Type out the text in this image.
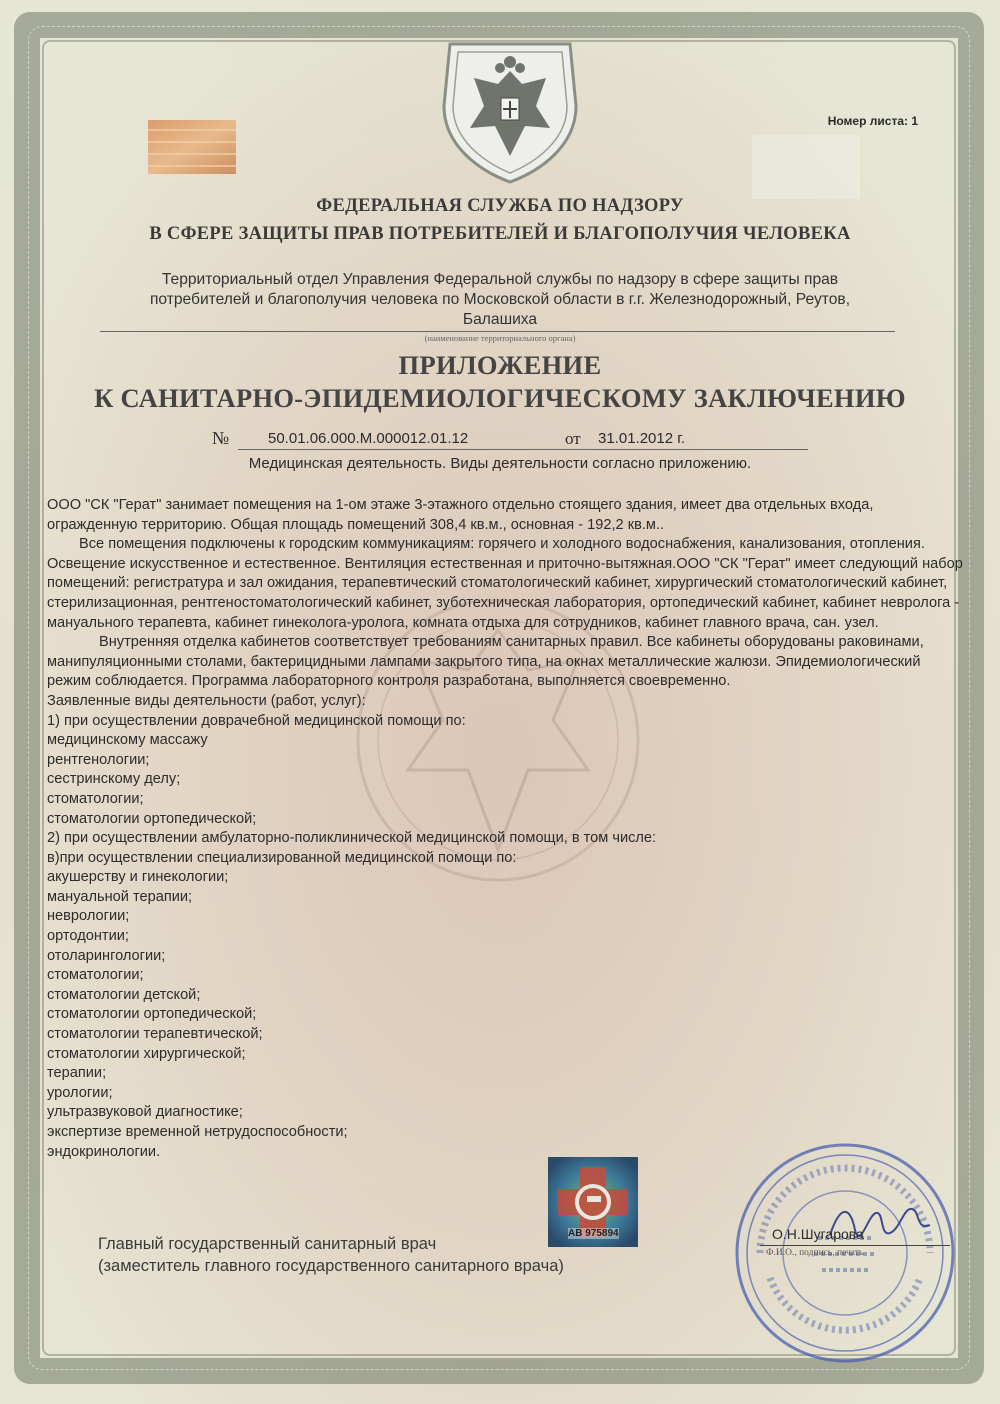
Номер листа: 1
ФЕДЕРАЛЬНАЯ СЛУЖБА ПО НАДЗОРУ
В СФЕРЕ ЗАЩИТЫ ПРАВ ПОТРЕБИТЕЛЕЙ И БЛАГОПОЛУЧИЯ ЧЕЛОВЕКА
Территориальный отдел Управления Федеральной службы по надзору в сфере защиты прав
потребителей и благополучия человека по Московской области в г.г. Железнодорожный, Реутов,
Балашиха
(наименование территориального органа)
ПРИЛОЖЕНИЕ
К САНИТАРНО-ЭПИДЕМИОЛОГИЧЕСКОМУ ЗАКЛЮЧЕНИЮ
№	50.01.06.000.М.000012.01.12	от 31.01.2012 г.
Медицинская деятельность. Виды деятельности согласно приложению.

ООО "СК "Герат" занимает помещения на 1-ом этаже 3-этажного отдельно стоящего здания, имеет два отдельных входа, огражденную территорию. Общая площадь помещений 308,4 кв.м., основная - 192,2 кв.м..

Все помещения подключены к городским коммуникациям: горячего и холодного водоснабжения, канализования, отопления. Освещение искусственное и естественное. Вентиляция естественная и приточно-вытяжная.ООО "СК "Герат" имеет следующий набор помещений: регистратура и зал ожидания, терапевтический стоматологический кабинет, хирургический стоматологический кабинет, стерилизационная, рентгеностоматологический кабинет, зуботехническая лаборатория, ортопедический кабинет, кабинет невролога - мануального терапевта, кабинет гинеколога-уролога, комната отдыха для сотрудников, кабинет главного врача, сан. узел.

Внутренняя отделка кабинетов соответствует требованиям санитарных правил. Все кабинеты оборудованы раковинами, манипуляционными столами, бактерицидными лампами закрытого типа, на окнах металлические жалюзи. Эпидемиологический режим соблюдается. Программа лабораторного контроля разработана, выполняется своевременно.

Заявленные виды деятельности (работ, услуг):

1) при осуществлении доврачебной медицинской помощи по:
медицинскому массажу
рентгенологии;
сестринскому делу;
стоматологии;
стоматологии ортопедической;
2) при осуществлении амбулаторно-поликлинической медицинской помощи, в том числе:
в)при осуществлении специализированной медицинской помощи по:
акушерству и гинекологии;
мануальной терапии;
неврологии;
ортодонтии;
отоларингологии;
стоматологии;
стоматологии детской;
стоматологии ортопедической;
стоматологии терапевтической;
стоматологии хирургической;
терапии;
урологии;
ультразвуковой диагностике;
экспертизе временной нетрудоспособности;
эндокринологии.
АВ 975894
Главный государственный санитарный врач
(заместитель главного государственного санитарного врача)
О.Н.Шугарова
Ф.И.О., подпись, печать
